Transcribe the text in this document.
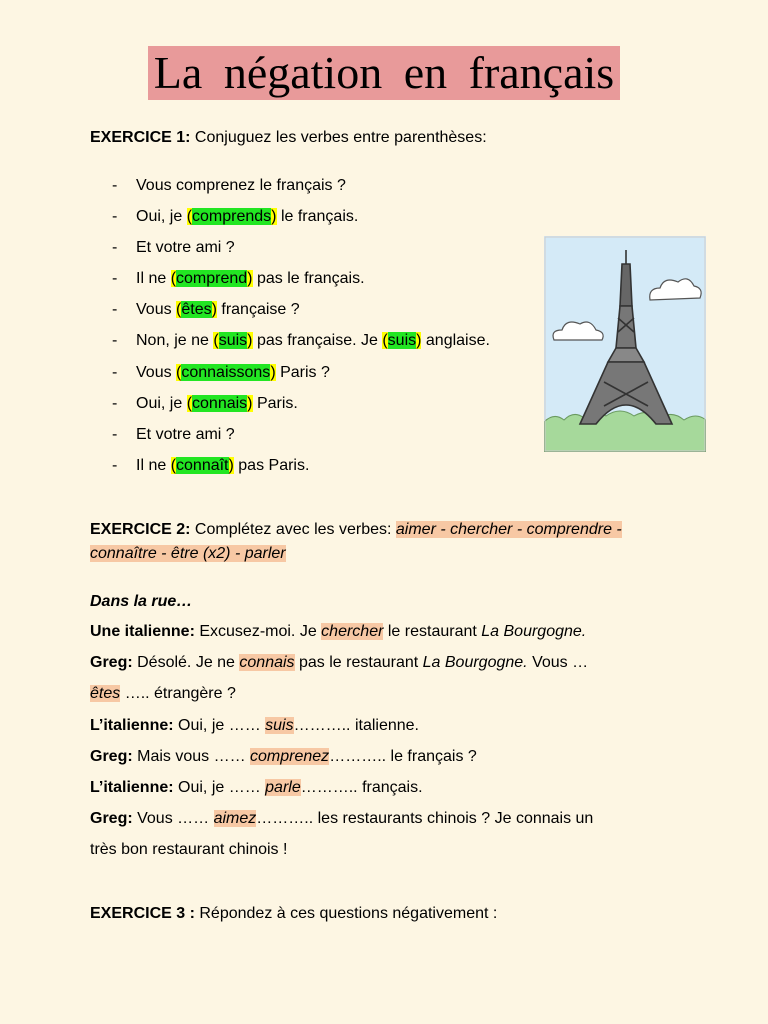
La négation en français
EXERCICE 1: Conjuguez les verbes entre parenthèses:
- Vous comprenez le français ?
- Oui, je (comprends) le français.
- Et votre ami ?
- Il ne (comprend) pas le français.
- Vous (êtes) française ?
- Non, je ne (suis) pas française. Je (suis) anglaise.
- Vous (connaissons) Paris ?
- Oui, je (connais) Paris.
- Et votre ami ?
- Il ne (connaît) pas Paris.
EXERCICE 2: Complétez avec les verbes: aimer - chercher - comprendre -
connaître - être (x2) - parler
Dans la rue…
Une italienne: Excusez-moi. Je chercher le restaurant La Bourgogne.
Greg: Désolé. Je ne connais pas le restaurant La Bourgogne. Vous …
êtes ….. étrangère ?
L’italienne: Oui, je …… suis……….. italienne.
Greg: Mais vous …… comprenez……….. le français ?
L’italienne: Oui, je …… parle……….. français.
Greg: Vous …… aimez……….. les restaurants chinois ? Je connais un
très bon restaurant chinois !
EXERCICE 3 : Répondez à ces questions négativement :
